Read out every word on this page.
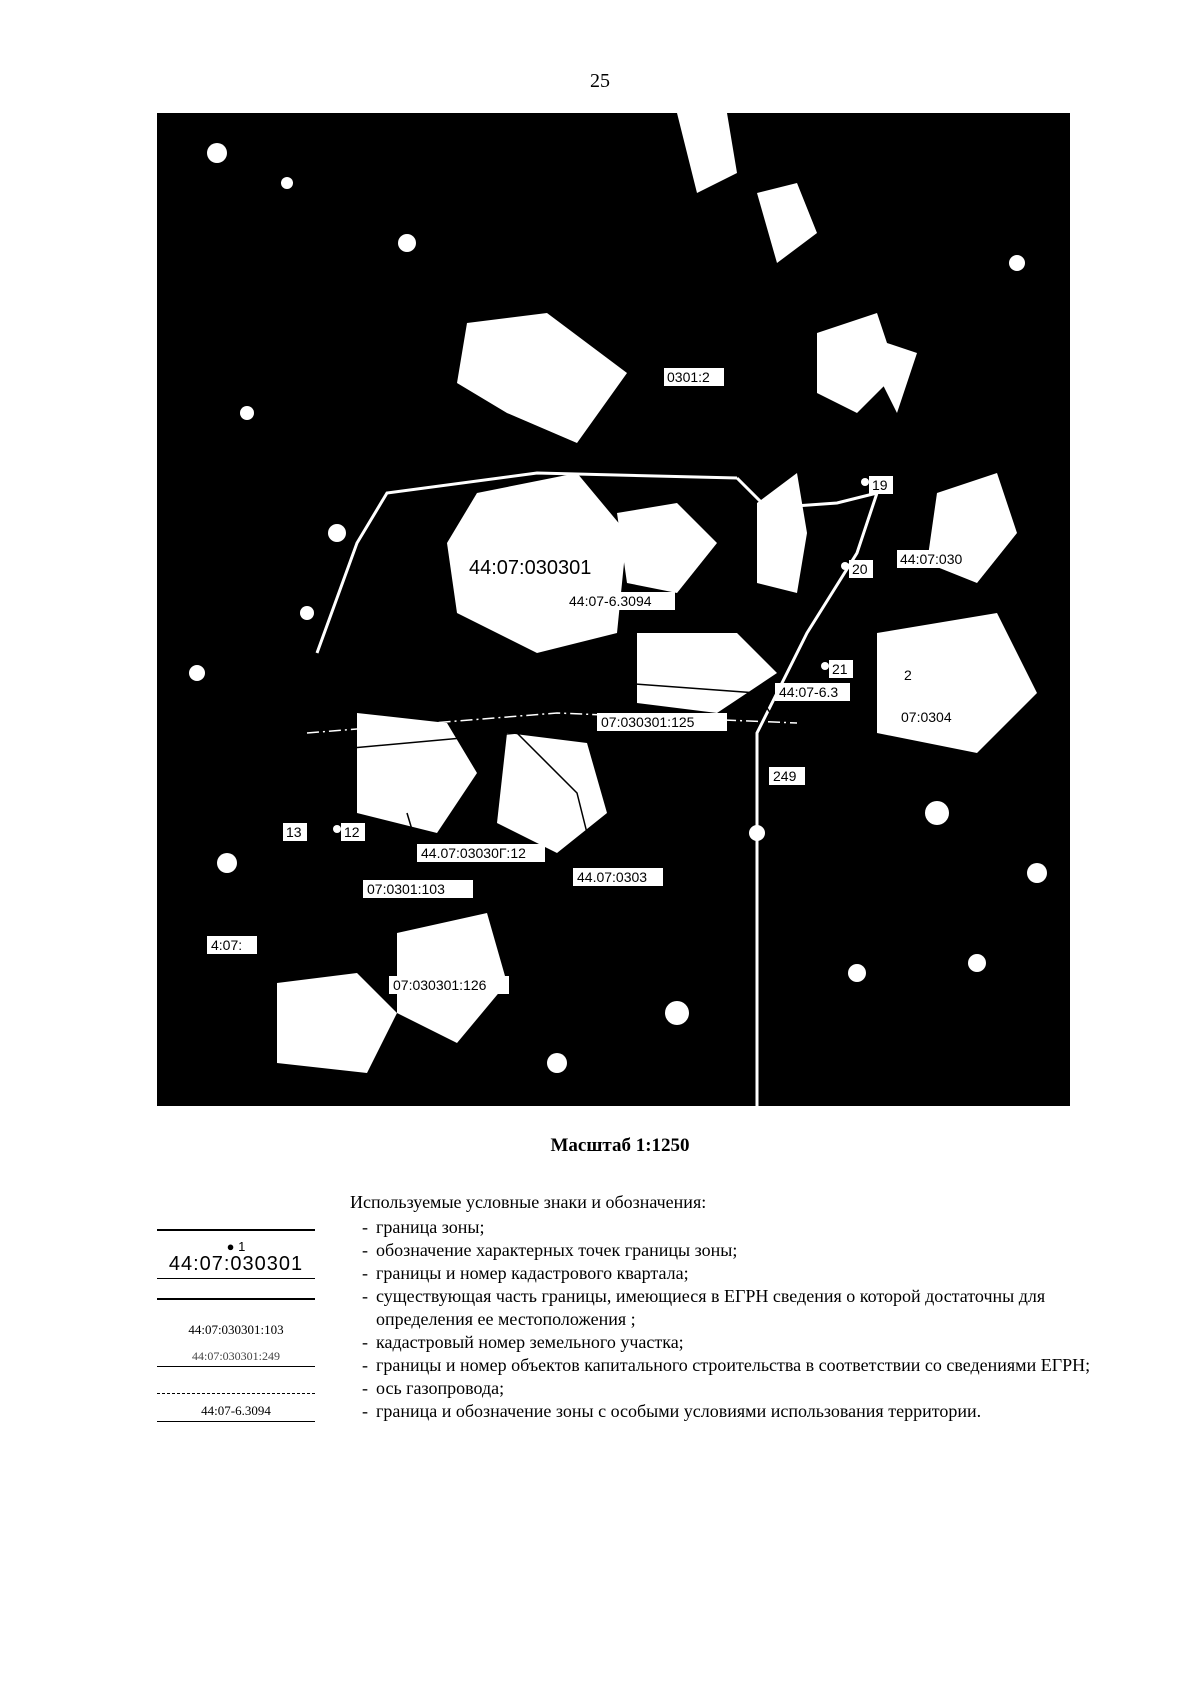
25
44:07:030301
44:07-6.3094
0301:2
44:07:030
07:030301:125
07:030301:126
07:0301:103
44.07:03030Г:12
44.07:0303
07:0304
4:07:
44:07-6.3
249
19
20
21
12
13
2
Масштаб 1:1250
Используемые условные знаки и обозначения:
- граница зоны;
- обозначение характерных точек границы зоны;
- границы и номер кадастрового квартала;
- существующая часть границы, имеющиеся в ЕГРН сведения о которой достаточны для определения ее местоположения ;
- кадастровый номер земельного участка;
- границы и номер объектов капитального строительства в соответствии со сведениями ЕГРН;
- ось газопровода;
- граница и обозначение зоны с особыми условиями использования территории.
● 1
44:07:030301
44:07:030301:103
44:07:030301:249
44:07-6.3094
